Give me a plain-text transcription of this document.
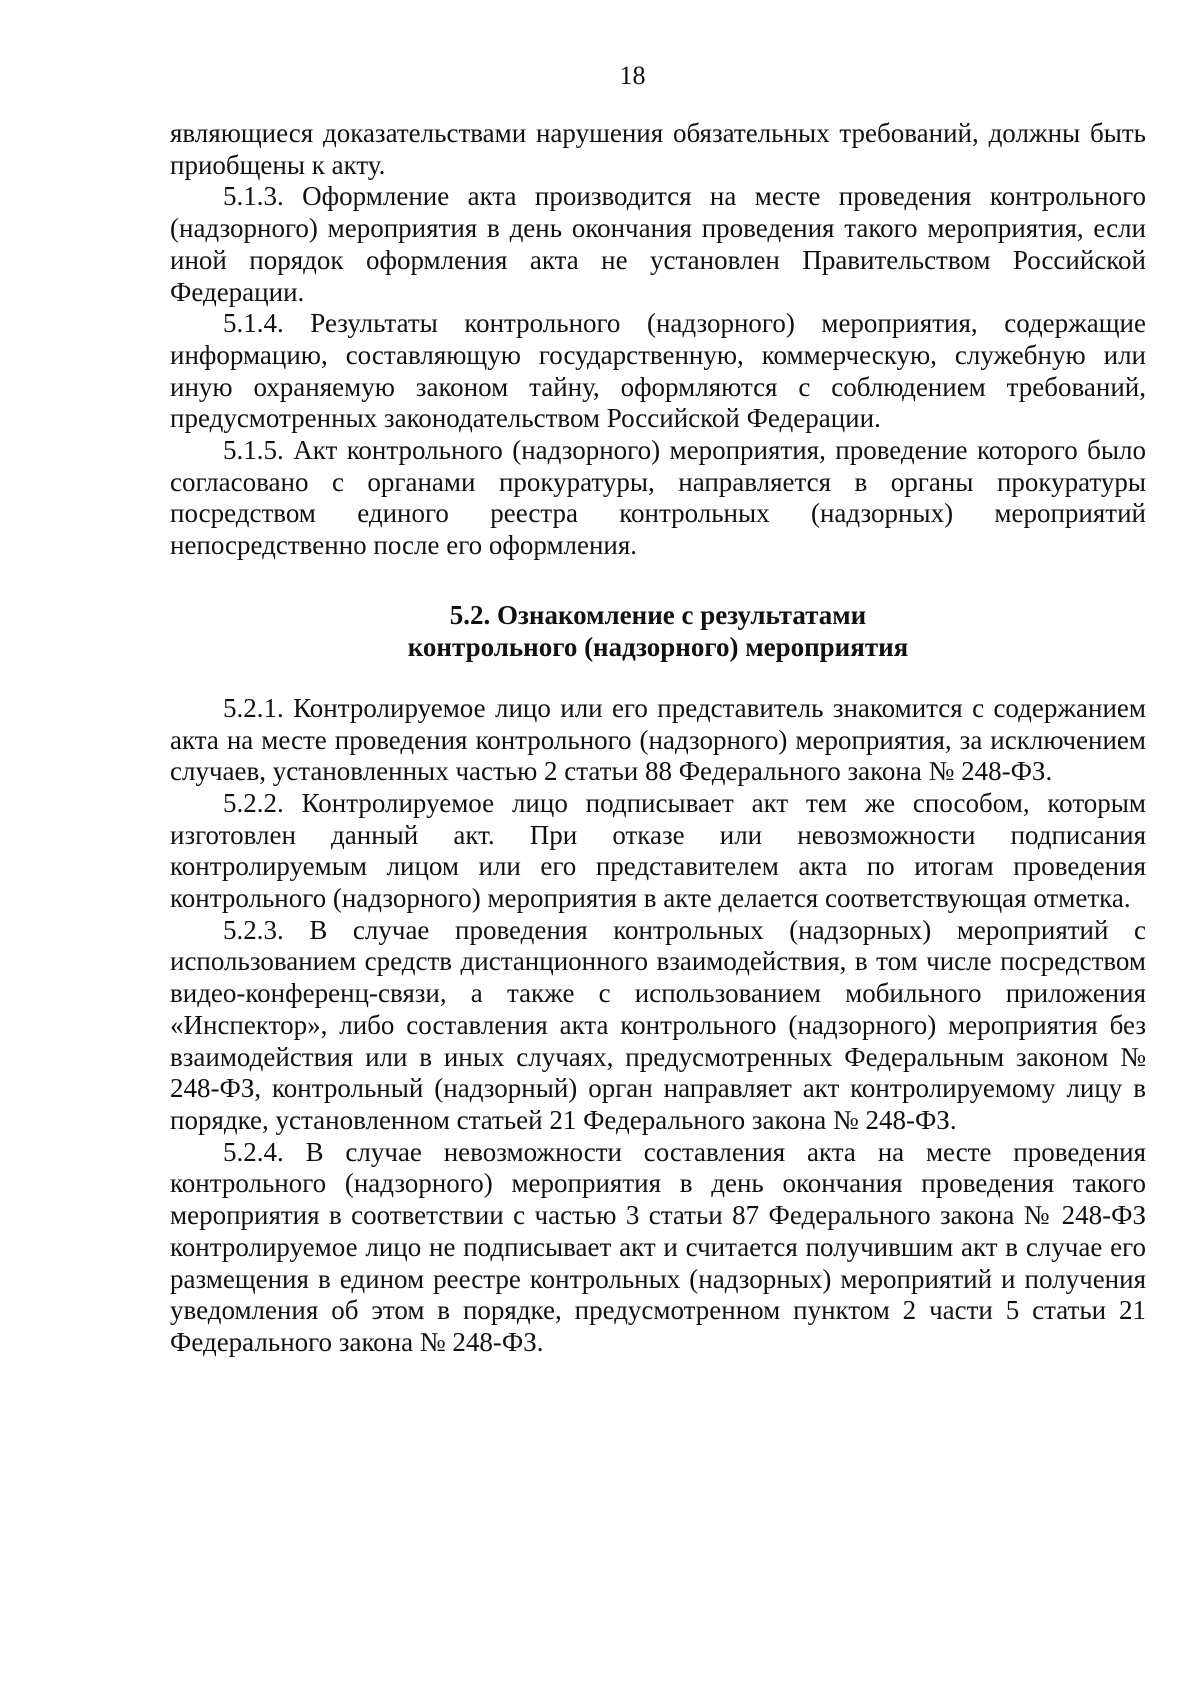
18

являющиеся доказательствами нарушения обязательных требований, должны быть приобщены к акту.

5.1.3. Оформление акта производится на месте проведения контрольного (надзорного) мероприятия в день окончания проведения такого мероприятия, если иной порядок оформления акта не установлен Правительством Российской Федерации.

5.1.4. Результаты контрольного (надзорного) мероприятия, содержащие информацию, составляющую государственную, коммерческую, служебную или иную охраняемую законом тайну, оформляются с соблюдением требований, предусмотренных законодательством Российской Федерации.

5.1.5. Акт контрольного (надзорного) мероприятия, проведение которого было согласовано с органами прокуратуры, направляется в органы прокуратуры посредством единого реестра контрольных (надзорных) мероприятий непосредственно после его оформления.

5.2. Ознакомление с результатами
контрольного (надзорного) мероприятия

5.2.1. Контролируемое лицо или его представитель знакомится с содержанием акта на месте проведения контрольного (надзорного) мероприятия, за исключением случаев, установленных частью 2 статьи 88 Федерального закона № 248-ФЗ.

5.2.2. Контролируемое лицо подписывает акт тем же способом, которым изготовлен данный акт. При отказе или невозможности подписания контролируемым лицом или его представителем акта по итогам проведения контрольного (надзорного) мероприятия в акте делается соответствующая отметка.

5.2.3. В случае проведения контрольных (надзорных) мероприятий с использованием средств дистанционного взаимодействия, в том числе посредством видео-конференц-связи, а также с использованием мобильного приложения «Инспектор», либо составления акта контрольного (надзорного) мероприятия без взаимодействия или в иных случаях, предусмотренных Федеральным законом № 248-ФЗ, контрольный (надзорный) орган направляет акт контролируемому лицу в порядке, установленном статьей 21 Федерального закона № 248-ФЗ.

5.2.4. В случае невозможности составления акта на месте проведения контрольного (надзорного) мероприятия в день окончания проведения такого мероприятия в соответствии с частью 3 статьи 87 Федерального закона № 248-ФЗ контролируемое лицо не подписывает акт и считается получившим акт в случае его размещения в едином реестре контрольных (надзорных) мероприятий и получения уведомления об этом в порядке, предусмотренном пунктом 2 части 5 статьи 21 Федерального закона № 248-ФЗ.
